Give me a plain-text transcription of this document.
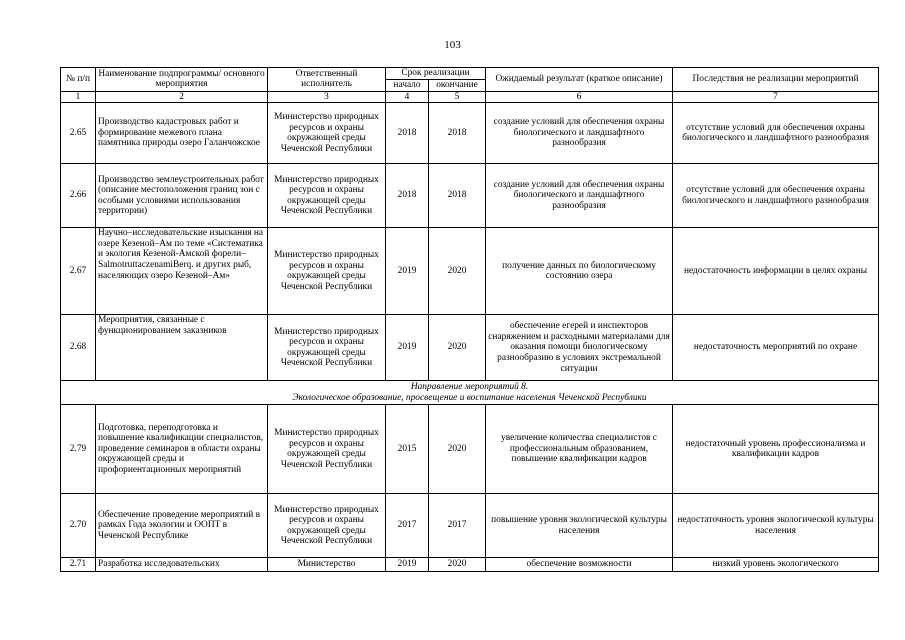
103
№ п/п	Наименование подпрограммы/ основного мероприятия	Ответственный исполнитель	Срок реализации		Ожидаемый результат (краткое описание)	Последствия не реализации мероприятий
			начало	окончание		
1	2	3	4	5	6	7
2.65	Производство кадастровых работ и формирование межевого плана памятника природы озеро Галанчожское	Министерство природных ресурсов и охраны окружающей среды Чеченской Республики	2018	2018	создание условий для обеспечения охраны биологического и ландшафтного разнообразия	отсутствие условий для обеспечения охраны биологического и ландшафтного разнообразия
2.66	Производство землеустроительных работ (описание местоположения границ зон с особыми условиями использования территории)	Министерство природных ресурсов и охраны окружающей среды Чеченской Республики	2018	2018	создание условий для обеспечения охраны биологического и ландшафтного разнообразия	отсутствие условий для обеспечения охраны биологического и ландшафтного разнообразия
2.67	Научно–исследовательские изыскания на озере Кезеной–Ам по теме «Систематика и экология Кезеной-Амской форели– SalmotruttaczenamiBerq. и других рыб, населяющих озеро Кезеной–Ам»	Министерство природных ресурсов и охраны окружающей среды Чеченской Республики	2019	2020	получение данных по биологическому состоянию озера	недостаточность информации в целях охраны
2.68	Мероприятия, связанные с функционированием заказников	Министерство природных ресурсов и охраны окружающей среды Чеченской Республики	2019	2020	обеспечение егерей и инспекторов снаряжением и расходными материалами для оказания помощи биологическому разнообразию в условиях экстремальной ситуации	недостаточность мероприятий по охране

Направление мероприятий 8.
Экологическое образование, просвещение и воспитание населения Чеченской Республики						

2.79	Подготовка, переподготовка и повышение квалификации специалистов, проведение семинаров в области охраны окружающей среды и профориентационных мероприятий	Министерство природных ресурсов и охраны окружающей среды Чеченской Республики	2015	2020	увеличение количества специалистов с профессиональным образованием, повышение квалификации кадров	недостаточный уровень профессионализма и квалификации кадров
2.70	Обеспечение проведение мероприятий в рамках Года экологии и ООПТ в Чеченской Республике	Министерство природных ресурсов и охраны окружающей среды Чеченской Республики	2017	2017	повышение уровня экологической культуры населения	недостаточность уровня экологической культуры населения
2.71	Разработка исследовательских	Министерство	2019	2020	обеспечение возможности	низкий уровень экологического
